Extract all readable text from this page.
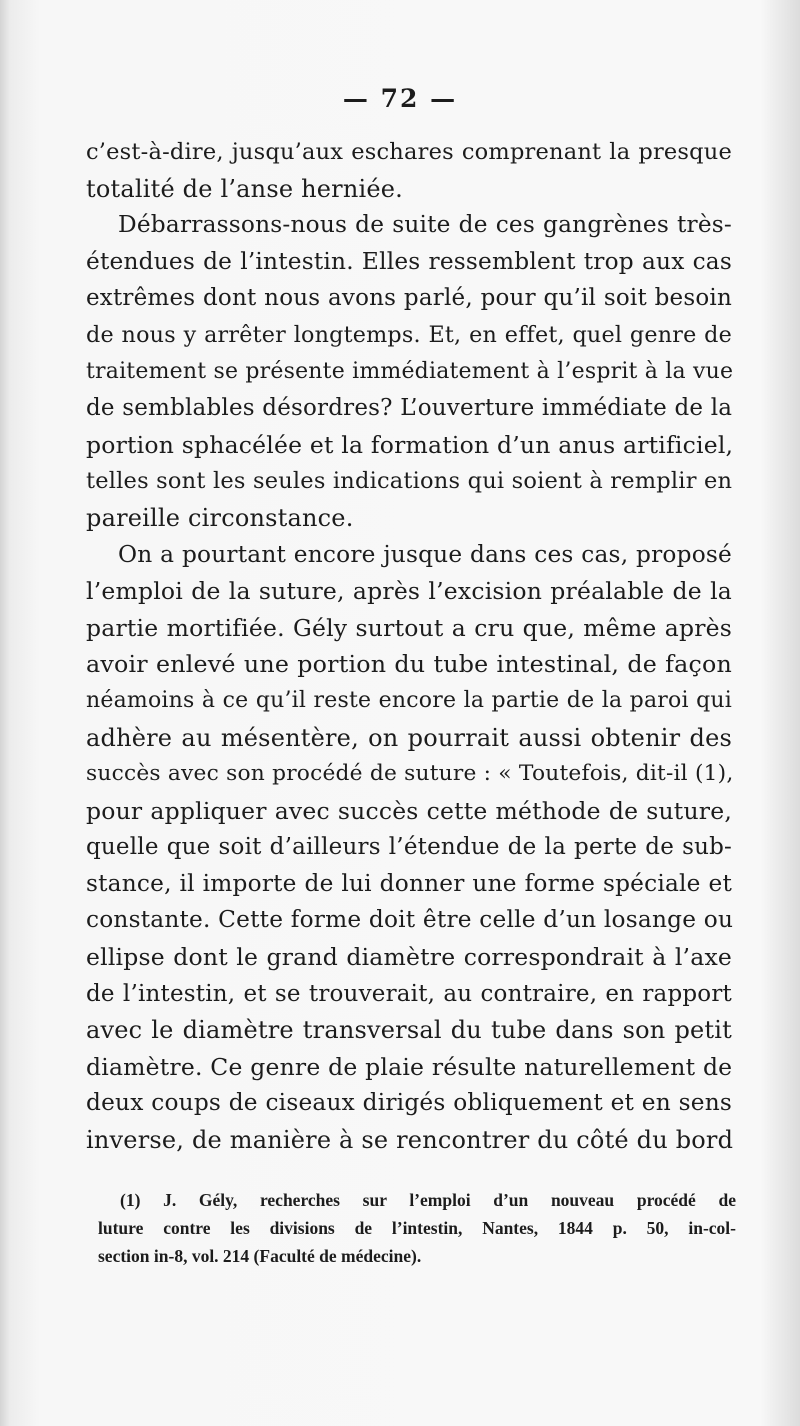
— 72 —
c’est-à-dire, jusqu’aux eschares comprenant la presque
totalité de l’anse herniée.
Débarrassons-nous de suite de ces gangrènes très-
étendues de l’intestin. Elles ressemblent trop aux cas
extrêmes dont nous avons parlé, pour qu’il soit besoin
de nous y arrêter longtemps. Et, en effet, quel genre de
traitement se présente immédiatement à l’esprit à la vue
de semblables désordres? L’ouverture immédiate de la
portion sphacélée et la formation d’un anus artificiel,
telles sont les seules indications qui soient à remplir en
pareille circonstance.
On a pourtant encore jusque dans ces cas, proposé
l’emploi de la suture, après l’excision préalable de la
partie mortifiée. Gély surtout a cru que, même après
avoir enlevé une portion du tube intestinal, de façon
néamoins à ce qu’il reste encore la partie de la paroi qui
adhère au mésentère, on pourrait aussi obtenir des
succès avec son procédé de suture : « Toutefois, dit-il (1),
pour appliquer avec succès cette méthode de suture,
quelle que soit d’ailleurs l’étendue de la perte de sub-
stance, il importe de lui donner une forme spéciale et
constante. Cette forme doit être celle d’un losange ou
ellipse dont le grand diamètre correspondrait à l’axe
de l’intestin, et se trouverait, au contraire, en rapport
avec le diamètre transversal du tube dans son petit
diamètre. Ce genre de plaie résulte naturellement de
deux coups de ciseaux dirigés obliquement et en sens
inverse, de manière à se rencontrer du côté du bord
(1) J. Gély, recherches sur l’emploi d’un nouveau procédé de
luture contre les divisions de l’intestin, Nantes, 1844 p. 50, in-col-
section in-8, vol. 214 (Faculté de médecine).
